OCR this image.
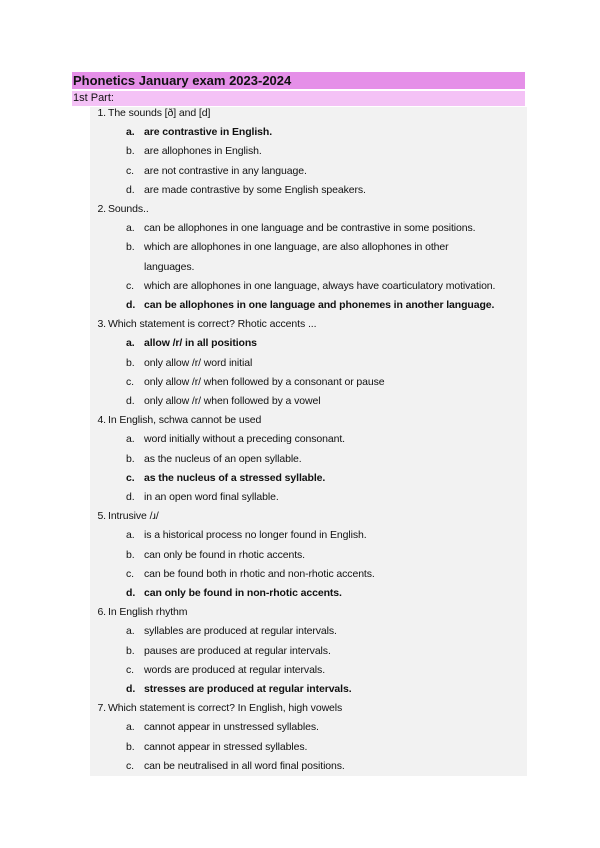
Phonetics January exam 2023-2024
1st Part:
1. The sounds [ð] and [d]
a. are contrastive in English.
b. are allophones in English.
c. are not contrastive in any language.
d. are made contrastive by some English speakers.
2. Sounds..
a. can be allophones in one language and be contrastive in some positions.
b. which are allophones in one language, are also allophones in other
languages.
c. which are allophones in one language, always have coarticulatory motivation.
d. can be allophones in one language and phonemes in another language.
3. Which statement is correct? Rhotic accents ...
a. allow /r/ in all positions
b. only allow /r/ word initial
c. only allow /r/ when followed by a consonant or pause
d. only allow /r/ when followed by a vowel
4. In English, schwa cannot be used
a. word initially without a preceding consonant.
b. as the nucleus of an open syllable.
c. as the nucleus of a stressed syllable.
d. in an open word final syllable.
5. Intrusive /ɹ/
a. is a historical process no longer found in English.
b. can only be found in rhotic accents.
c. can be found both in rhotic and non-rhotic accents.
d. can only be found in non-rhotic accents.
6. In English rhythm
a. syllables are produced at regular intervals.
b. pauses are produced at regular intervals.
c. words are produced at regular intervals.
d. stresses are produced at regular intervals.
7. Which statement is correct? In English, high vowels
a. cannot appear in unstressed syllables.
b. cannot appear in stressed syllables.
c. can be neutralised in all word final positions.
